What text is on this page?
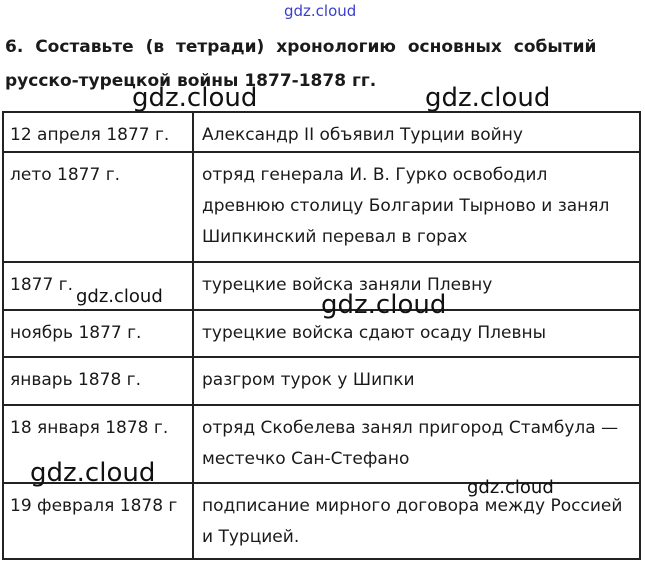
gdz.cloud
6. Составьте (в тетради) хронологию основных событий
русско-турецкой войны 1877-1878 гг.
12 апреля 1877 г.	Александр II объявил Турции войну
лето 1877 г.	отряд генерала И. В. Гурко освободил древнюю столицу Болгарии Тырново и занял Шипкинский перевал в горах
1877 г.	турецкие войска заняли Плевну
ноябрь 1877 г.	турецкие войска сдают осаду Плевны
январь 1878 г.	разгром турок у Шипки
18 января 1878 г.	отряд Скобелева занял пригород Стамбула — местечко Сан-Стефано
19 февраля 1878 г	подписание мирного договора между Россией и Турцией.
gdz.cloud	gdz.cloud
gdz.cloud	gdz.cloud
gdz.cloud	gdz.cloud
